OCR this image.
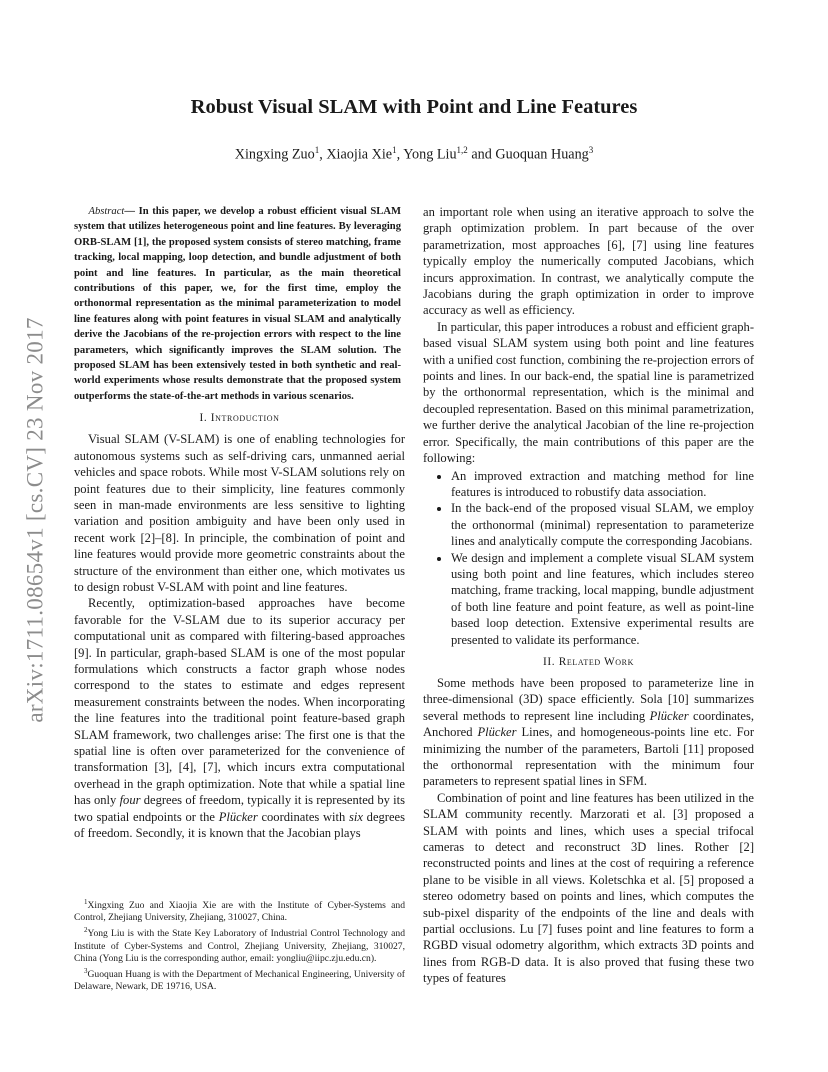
arXiv:1711.08654v1 [cs.CV] 23 Nov 2017
Robust Visual SLAM with Point and Line Features
Xingxing Zuo$^1$, Xiaojia Xie$^1$, Yong Liu$^{1,2}$ and Guoquan Huang$^3$

Abstract— In this paper, we develop a robust efficient visual SLAM system that utilizes heterogeneous point and line features. By leveraging ORB-SLAM [1], the proposed system consists of stereo matching, frame tracking, local mapping, loop detection, and bundle adjustment of both point and line features. In particular, as the main theoretical contributions of this paper, we, for the first time, employ the orthonormal representation as the minimal parameterization to model line features along with point features in visual SLAM and analytically derive the Jacobians of the re-projection errors with respect to the line parameters, which significantly improves the SLAM solution. The proposed SLAM has been extensively tested in both synthetic and real-world experiments whose results demonstrate that the proposed system outperforms the state-of-the-art methods in various scenarios.

I. Introduction

Visual SLAM (V-SLAM) is one of enabling technologies for autonomous systems such as self-driving cars, unmanned aerial vehicles and space robots. While most V-SLAM solutions rely on point features due to their simplicity, line features commonly seen in man-made environments are less sensitive to lighting variation and position ambiguity and have been only used in recent work [2]–[8]. In principle, the combination of point and line features would provide more geometric constraints about the structure of the environment than either one, which motivates us to design robust V-SLAM with point and line features.

Recently, optimization-based approaches have become favorable for the V-SLAM due to its superior accuracy per computational unit as compared with filtering-based approaches [9]. In particular, graph-based SLAM is one of the most popular formulations which constructs a factor graph whose nodes correspond to the states to estimate and edges represent measurement constraints between the nodes. When incorporating the line features into the traditional point feature-based graph SLAM framework, two challenges arise: The first one is that the spatial line is often over parameterized for the convenience of transformation [3], [4], [7], which incurs extra computational overhead in the graph optimization. Note that while a spatial line has only four degrees of freedom, typically it is represented by its two spatial endpoints or the Plücker coordinates with six degrees of freedom. Secondly, it is known that the Jacobian plays

$^1$Xingxing Zuo and Xiaojia Xie are with the Institute of Cyber-Systems and Control, Zhejiang University, Zhejiang, 310027, China.

$^2$Yong Liu is with the State Key Laboratory of Industrial Control Technology and Institute of Cyber-Systems and Control, Zhejiang University, Zhejiang, 310027, China (Yong Liu is the corresponding author, email: yongliu@iipc.zju.edu.cn).

$^3$Guoquan Huang is with the Department of Mechanical Engineering, University of Delaware, Newark, DE 19716, USA.

an important role when using an iterative approach to solve the graph optimization problem. In part because of the over parametrization, most approaches [6], [7] using line features typically employ the numerically computed Jacobians, which incurs approximation. In contrast, we analytically compute the Jacobians during the graph optimization in order to improve accuracy as well as efficiency.

In particular, this paper introduces a robust and efficient graph-based visual SLAM system using both point and line features with a unified cost function, combining the re-projection errors of points and lines. In our back-end, the spatial line is parametrized by the orthonormal representation, which is the minimal and decoupled representation. Based on this minimal parametrization, we further derive the analytical Jacobian of the line re-projection error. Specifically, the main contributions of this paper are the following:

• An improved extraction and matching method for line features is introduced to robustify data association.
• In the back-end of the proposed visual SLAM, we employ the orthonormal (minimal) representation to parameterize lines and analytically compute the corresponding Jacobians.
• We design and implement a complete visual SLAM system using both point and line features, which includes stereo matching, frame tracking, local mapping, bundle adjustment of both line feature and point feature, as well as point-line based loop detection. Extensive experimental results are presented to validate its performance.
II. Related Work

Some methods have been proposed to parameterize line in three-dimensional (3D) space efficiently. Sola [10] summarizes several methods to represent line including Plücker coordinates, Anchored Plücker Lines, and homogeneous-points line etc. For minimizing the number of the parameters, Bartoli [11] proposed the orthonormal representation with the minimum four parameters to represent spatial lines in SFM.

Combination of point and line features has been utilized in the SLAM community recently. Marzorati et al. [3] proposed a SLAM with points and lines, which uses a special trifocal cameras to detect and reconstruct 3D lines. Rother [2] reconstructed points and lines at the cost of requiring a reference plane to be visible in all views. Koletschka et al. [5] proposed a stereo odometry based on points and lines, which computes the sub-pixel disparity of the endpoints of the line and deals with partial occlusions. Lu [7] fuses point and line features to form a RGBD visual odometry algorithm, which extracts 3D points and lines from RGB-D data. It is also proved that fusing these two types of features
